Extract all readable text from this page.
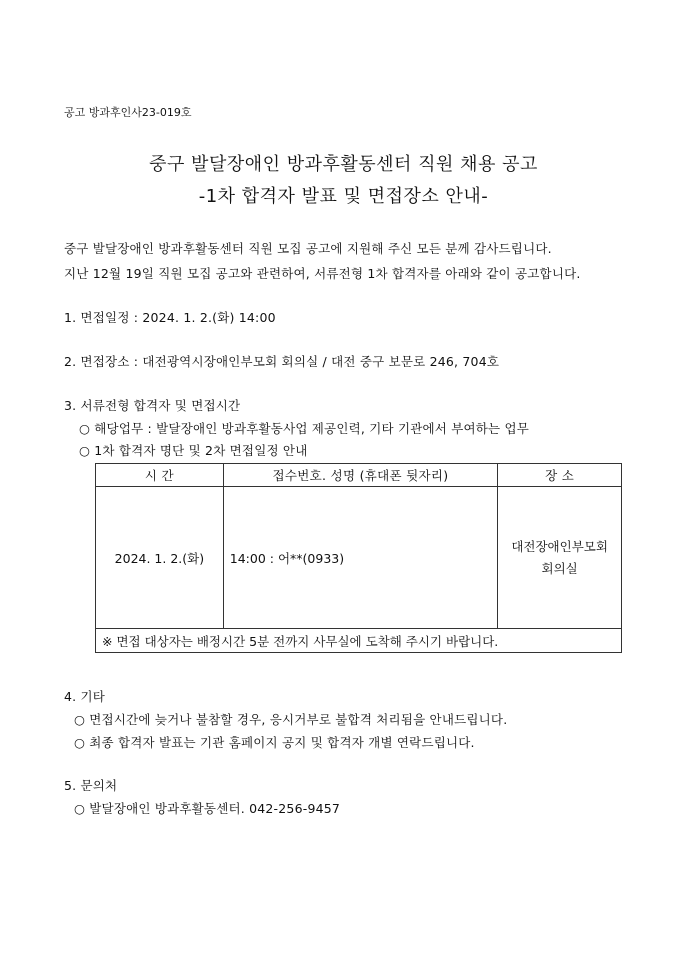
공고 방과후인사23-019호
중구 발달장애인 방과후활동센터 직원 채용 공고
-1차 합격자 발표 및 면접장소 안내-
중구 발달장애인 방과후활동센터 직원 모집 공고에 지원해 주신 모든 분께 감사드립니다.
지난 12월 19일 직원 모집 공고와 관련하여, 서류전형 1차 합격자를 아래와 같이 공고합니다.
1. 면접일정 : 2024. 1. 2.(화) 14:00
2. 면접장소 : 대전광역시장애인부모회 회의실 / 대전 중구 보문로 246, 704호
3. 서류전형 합격자 및 면접시간
○ 해당업무 : 발달장애인 방과후활동사업 제공인력, 기타 기관에서 부여하는 업무
○ 1차 합격자 명단 및 2차 면접일정 안내
시 간	접수번호. 성명 (휴대폰 뒷자리)	장 소
2024. 1. 2.(화)	14:00 : 어**(0933)	대전장애인부모회
회의실

※ 면접 대상자는 배정시간 5분 전까지 사무실에 도착해 주시기 바랍니다.		
4. 기타
○ 면접시간에 늦거나 불참할 경우, 응시거부로 불합격 처리됨을 안내드립니다.
○ 최종 합격자 발표는 기관 홈페이지 공지 및 합격자 개별 연락드립니다.
5. 문의처
○ 발달장애인 방과후활동센터. 042-256-9457
